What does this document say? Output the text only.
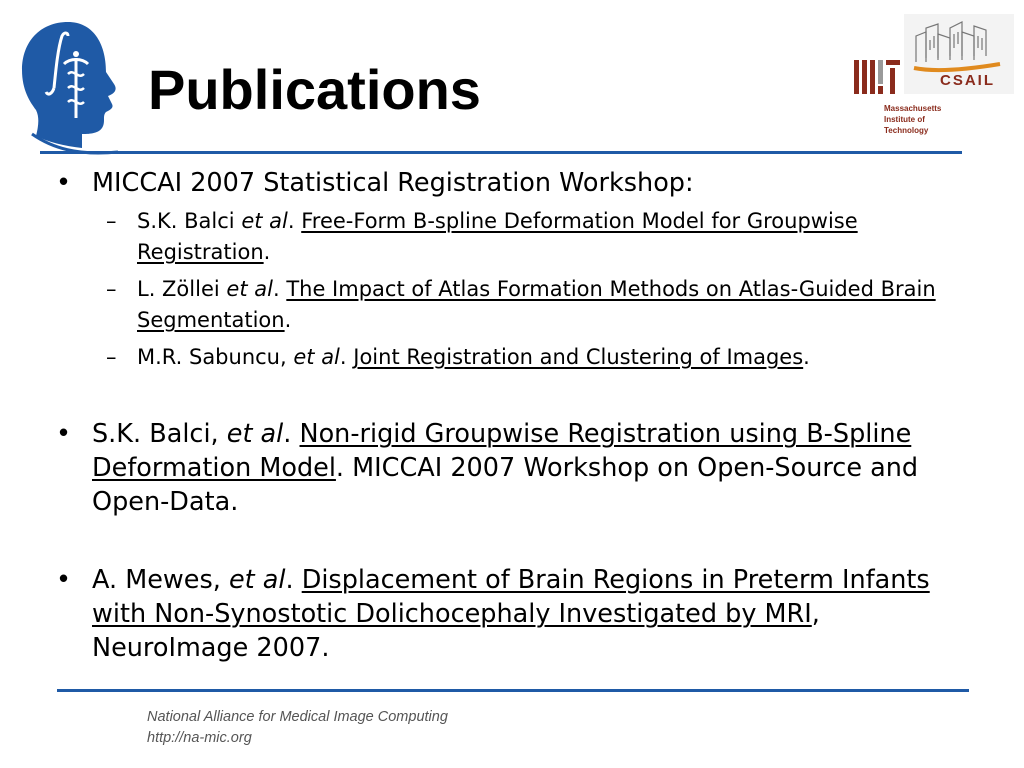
Publications	CSAIL
Massachusetts
Institute of
Technology
• MICCAI 2007 Statistical Registration Workshop:
– S.K. Balci et al. Free-Form B-spline Deformation Model for Groupwise Registration.
– L. Zöllei et al. The Impact of Atlas Formation Methods on Atlas-Guided Brain Segmentation.
– M.R. Sabuncu, et al. Joint Registration and Clustering of Images.
• S.K. Balci, et al. Non-rigid Groupwise Registration using B-Spline Deformation Model. MICCAI 2007 Workshop on Open-Source and Open-Data.
• A. Mewes, et al. Displacement of Brain Regions in Preterm Infants with Non-Synostotic Dolichocephaly Investigated by MRI, NeuroImage 2007.
National Alliance for Medical Image Computing
http://na-mic.org
